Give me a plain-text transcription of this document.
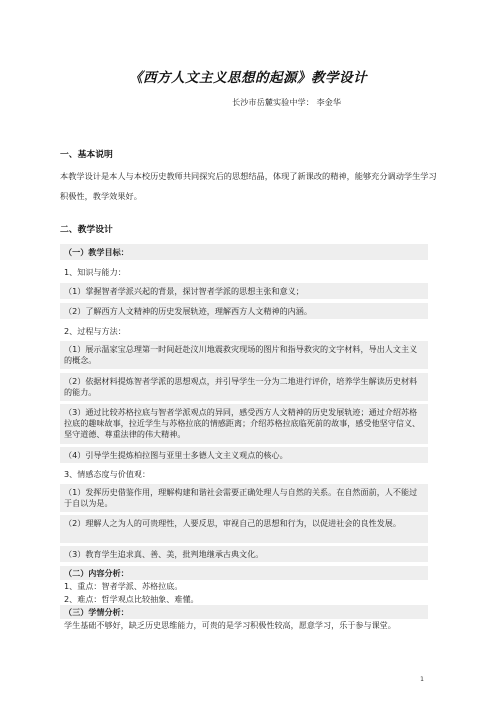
《西方人文主义思想的起源》教学设计
长沙市岳麓实验中学： 李金华
一、基本说明
本教学设计是本人与本校历史教师共同探究后的思想结晶，体现了新课改的精神，能够充分调动学生学习积极性，教学效果好。
二、教学设计
（一）教学目标：
1、知识与能力：
（1）掌握智者学派兴起的背景，探讨智者学派的思想主张和意义；
（2）了解西方人文精神的历史发展轨迹，理解西方人文精神的内涵。
2、过程与方法：
（1）展示温家宝总理第一时间赶赴汶川地震救灾现场的图片和指导救灾的文字材料，导出人文主义的概念。
（2）依据材料提炼智者学派的思想观点，并引导学生一分为二地进行评价，培养学生解读历史材料的能力。
（3）通过比较苏格拉底与智者学派观点的异同，感受西方人文精神的历史发展轨迹；通过介绍苏格拉底的趣味故事，拉近学生与苏格拉底的情感距离；介绍苏格拉底临死前的故事，感受他坚守信义、坚守道德、尊重法律的伟大精神。
（4）引导学生提炼柏拉图与亚里士多德人文主义观点的核心。
3、情感态度与价值观：
（1）发挥历史借鉴作用，理解构建和谐社会需要正确处理人与自然的关系。在自然面前，人不能过于自以为是。
（2）理解人之为人的可贵理性，人要反思，审视自己的思想和行为，以促进社会的良性发展。
（3）教育学生追求真、善、美，批判地继承古典文化。
（二）内容分析：
1、重点：智者学派、苏格拉底。
2、难点：哲学观点比较抽象、难懂。
（三）学情分析：
学生基础不够好，缺乏历史思维能力，可贵的是学习积极性较高，愿意学习，乐于参与课堂。
1
